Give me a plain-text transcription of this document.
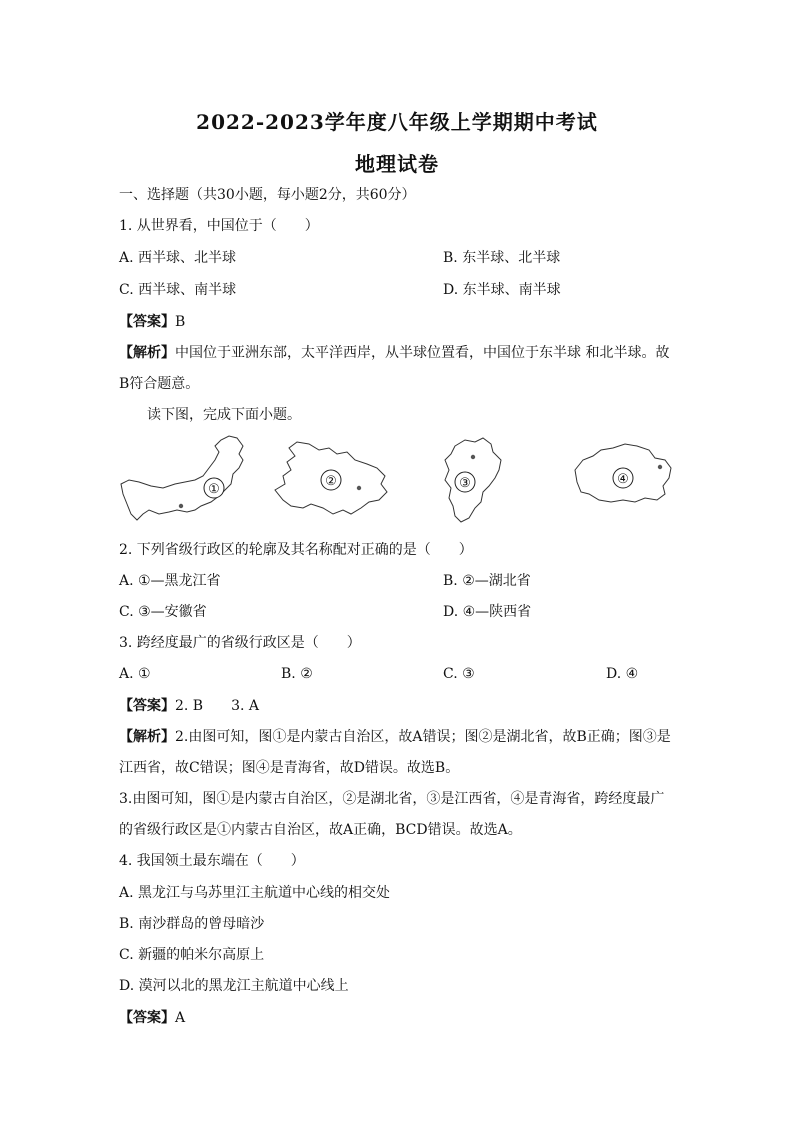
2022-2023学年度八年级上学期期中考试
地理试卷
一、选择题（共30小题，每小题2分，共60分）
1. 从世界看，中国位于（　　）
A. 西半球、北半球	B. 东半球、北半球
C. 西半球、南半球	D. 东半球、南半球
【答案】B
【解析】中国位于亚洲东部，太平洋西岸，从半球位置看，中国位于东半球 和北半球。故
B符合题意。
读下图，完成下面小题。
①
②	③	④
2. 下列省级行政区的轮廓及其名称配对正确的是（　　）
A. ①—黑龙江省	B. ②—湖北省
C. ③—安徽省	D. ④—陕西省
3. 跨经度最广的省级行政区是（　　）
A. ①	B. ②	C. ③	D. ④
【答案】2. B　　3. A
【解析】2.由图可知，图①是内蒙古自治区，故A错误；图②是湖北省，故B正确；图③是
江西省，故C错误；图④是青海省，故D错误。故选B。
3.由图可知，图①是内蒙古自治区，②是湖北省，③是江西省，④是青海省，跨经度最广
的省级行政区是①内蒙古自治区，故A正确，BCD错误。故选A。
4. 我国领土最东端在（　　）
A. 黑龙江与乌苏里江主航道中心线的相交处
B. 南沙群岛的曾母暗沙
C. 新疆的帕米尔高原上
D. 漠河以北的黑龙江主航道中心线上
【答案】A
